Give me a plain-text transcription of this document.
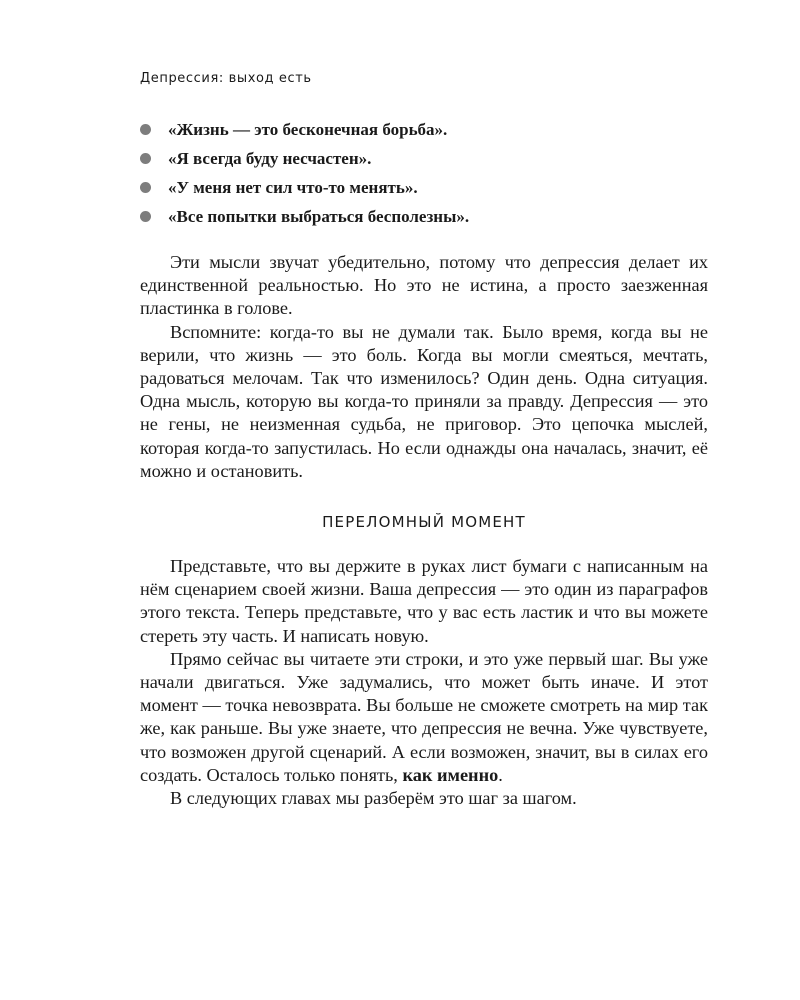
Депрессия: выход есть

«Жизнь — это бесконечная борьба».
«Я всегда буду несчастен».
«У меня нет сил что-то менять».
«Все попытки выбраться бесполезны».

Эти мысли звучат убедительно, потому что депрессия делает их единственной реальностью. Но это не истина, а просто заезженная пластинка в голове.

Вспомните: когда-то вы не думали так. Было время, когда вы не верили, что жизнь — это боль. Когда вы могли смеяться, мечтать, радоваться мелочам. Так что изменилось? Один день. Одна ситуация. Одна мысль, которую вы когда-то приняли за правду. Депрессия — это не гены, не неизменная судьба, не приговор. Это цепочка мыслей, которая когда-то запустилась. Но если однажды она началась, значит, её можно и остановить.

ПЕРЕЛОМНЫЙ МОМЕНТ

Представьте, что вы держите в руках лист бумаги с написанным на нём сценарием своей жизни. Ваша депрессия — это один из параграфов этого текста. Теперь представьте, что у вас есть ластик и что вы можете стереть эту часть. И написать новую.

Прямо сейчас вы читаете эти строки, и это уже первый шаг. Вы уже начали двигаться. Уже задумались, что может быть иначе. И этот момент — точка невозврата. Вы больше не сможете смотреть на мир так же, как раньше. Вы уже знаете, что депрессия не вечна. Уже чувствуете, что возможен другой сценарий. А если возможен, значит, вы в силах его создать. Осталось только понять, как именно.

В следующих главах мы разберём это шаг за шагом.
